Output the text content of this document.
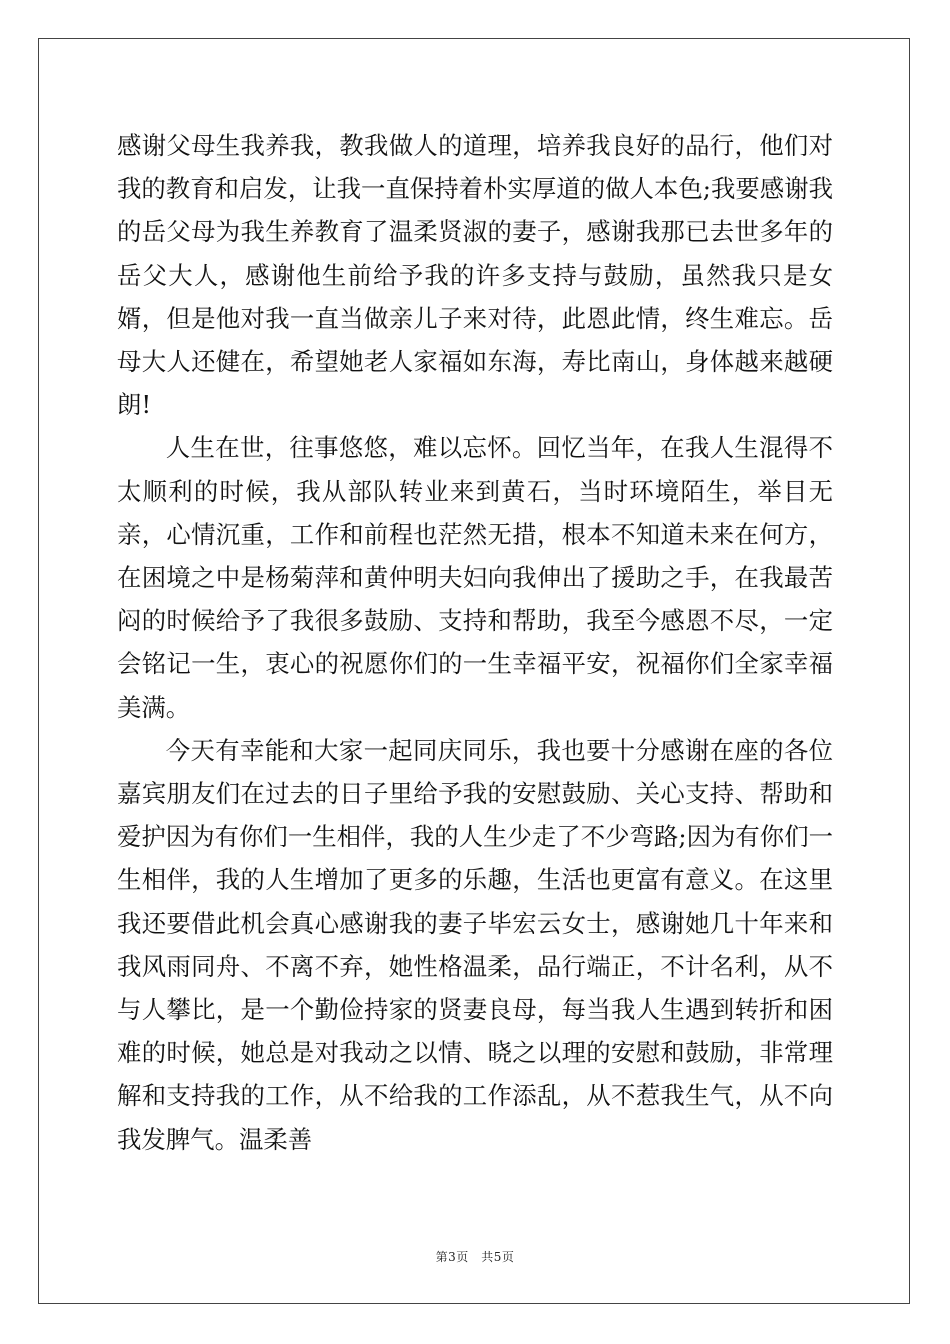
感谢父母生我养我，教我做人的道理，培养我良好的品行，他们对我的教育和启发，让我一直保持着朴实厚道的做人本色;我要感谢我的岳父母为我生养教育了温柔贤淑的妻子，感谢我那已去世多年的岳父大人，感谢他生前给予我的许多支持与鼓励，虽然我只是女婿，但是他对我一直当做亲儿子来对待，此恩此情，终生难忘。岳母大人还健在，希望她老人家福如东海，寿比南山，身体越来越硬朗!

人生在世，往事悠悠，难以忘怀。回忆当年，在我人生混得不太顺利的时候，我从部队转业来到黄石，当时环境陌生，举目无亲，心情沉重，工作和前程也茫然无措，根本不知道未来在何方，在困境之中是杨菊萍和黄仲明夫妇向我伸出了援助之手，在我最苦闷的时候给予了我很多鼓励、支持和帮助，我至今感恩不尽，一定会铭记一生，衷心的祝愿你们的一生幸福平安，祝福你们全家幸福美满。

今天有幸能和大家一起同庆同乐，我也要十分感谢在座的各位嘉宾朋友们在过去的日子里给予我的安慰鼓励、关心支持、帮助和爱护因为有你们一生相伴，我的人生少走了不少弯路;因为有你们一生相伴，我的人生增加了更多的乐趣，生活也更富有意义。在这里我还要借此机会真心感谢我的妻子毕宏云女士，感谢她几十年来和我风雨同舟、不离不弃，她性格温柔，品行端正，不计名利，从不与人攀比，是一个勤俭持家的贤妻良母，每当我人生遇到转折和困难的时候，她总是对我动之以情、晓之以理的安慰和鼓励，非常理解和支持我的工作，从不给我的工作添乱，从不惹我生气，从不向我发脾气。温柔善

第3页　共5页
